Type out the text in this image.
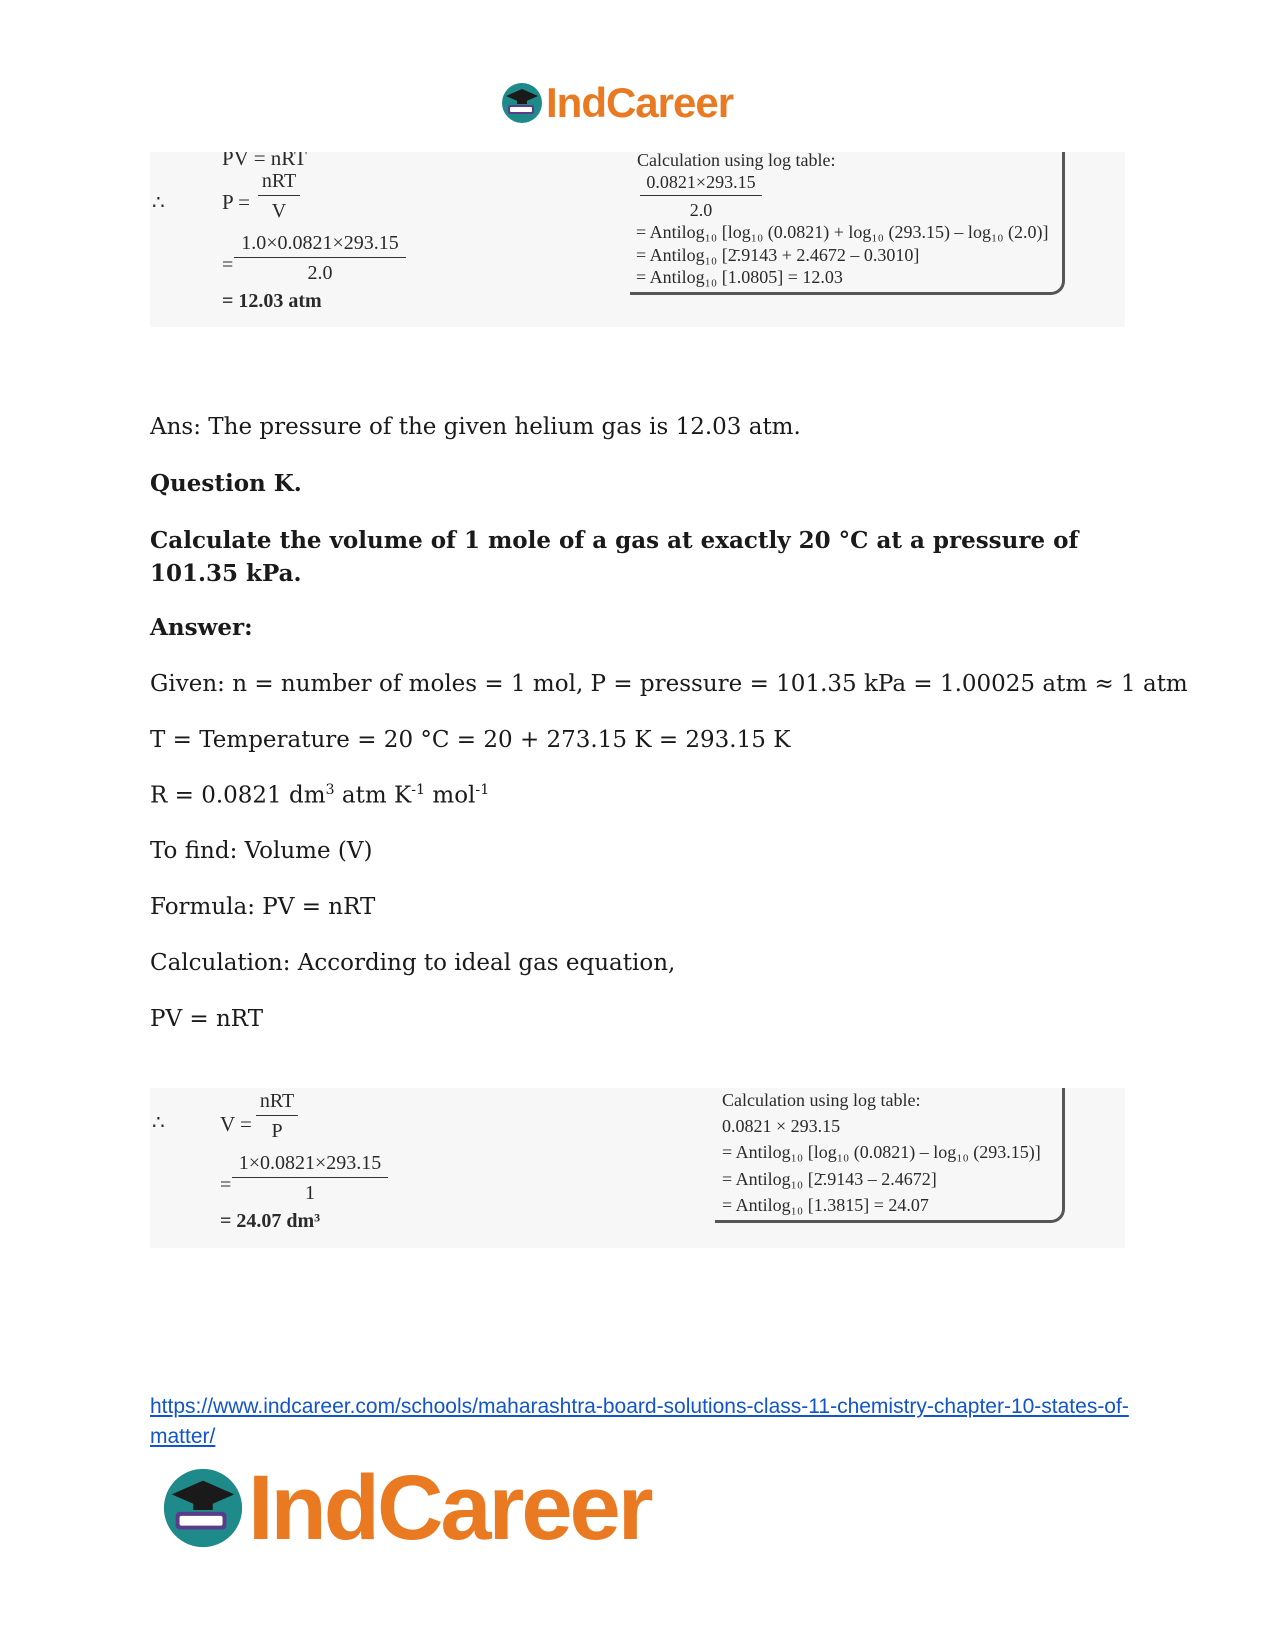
IndCareer
PV = nRT
∴	P =
nRT
V
=
1.0×0.0821×293.15
2.0
= 12.03 atm
Calculation using log table:
0.0821×293.15
2.0
= Antilog₁₀ [log₁₀ (0.0821) + log₁₀ (293.15) – log₁₀ (2.0)]
= Antilog₁₀ [2̄.9143 + 2.4672 – 0.3010]
= Antilog₁₀ [1.0805] = 12.03
Ans: The pressure of the given helium gas is 12.03 atm.
Question K.
Calculate the volume of 1 mole of a gas at exactly 20 °C at a pressure of
101.35 kPa.
Answer:
Given: n = number of moles = 1 mol, P = pressure = 101.35 kPa = 1.00025 atm ≈ 1 atm
T = Temperature = 20 °C = 20 + 273.15 K = 293.15 K
R = 0.0821 $dm^3$ atm $K^{-1}$ mol$^{-1}$
To find: Volume (V)
Formula: PV = nRT
Calculation: According to ideal gas equation,
PV = nRT
∴	V =
nRT
P
=
1×0.0821×293.15
1
= 24.07 dm³
Calculation using log table:
0.0821 × 293.15
= Antilog₁₀ [log₁₀ (0.0821) – log₁₀ (293.15)]
= Antilog₁₀ [2̄.9143 – 2.4672]
= Antilog₁₀ [1.3815] = 24.07
https://www.indcareer.com/schools/maharashtra-board-solutions-class-11-chemistry-chapter-10-states-of-matter/
IndCareer
